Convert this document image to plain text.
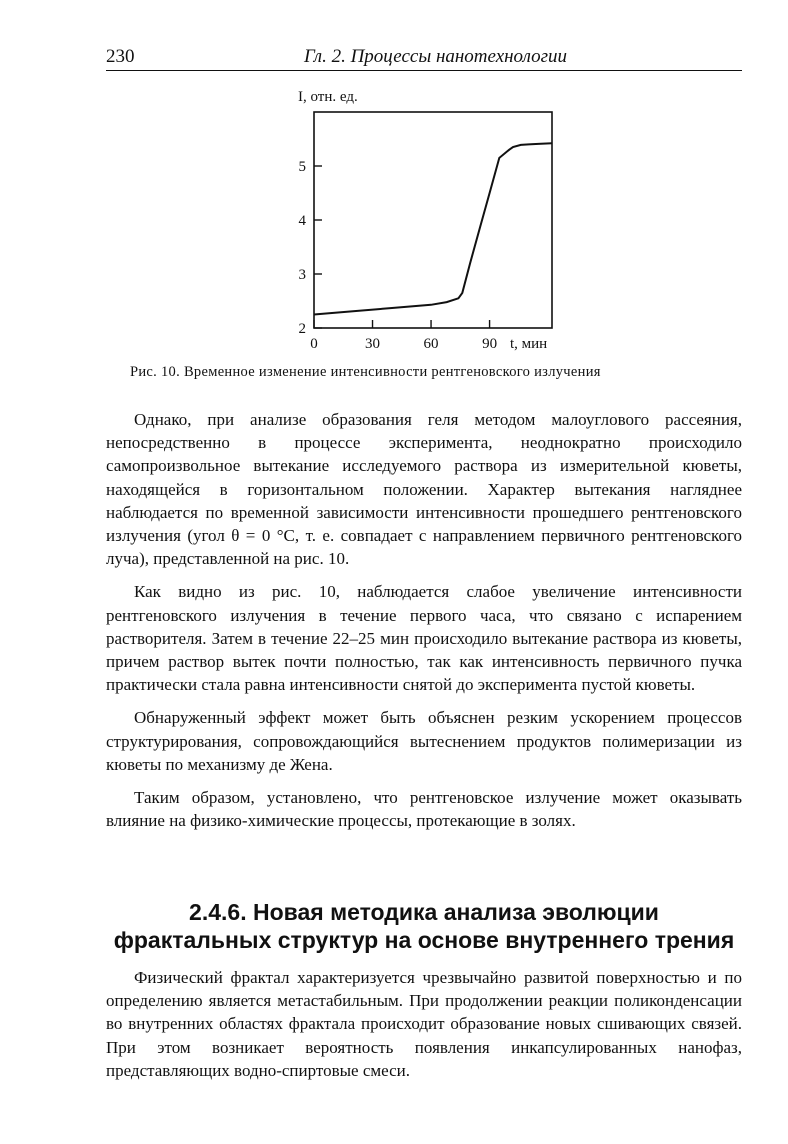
230	Гл. 2. Процессы нанотехнологии
I, отн. ед.
0	30	60	90
2
3
4
5
t, мин
Рис. 10. Временное изменение интенсивности рентгеновского излучения

Однако, при анализе образования геля методом малоуглового рассеяния, непосредственно в процессе эксперимента, неоднократно происходило самопроизвольное вытекание исследуемого раствора из измерительной кюветы, находящейся в горизонтальном положении. Характер вытекания нагляднее наблюдается по временной зависимости интенсивности прошедшего рентгеновского излучения (угол θ = 0 °C, т. е. совпадает с направлением первичного рентгеновского луча), представленной на рис. 10.

Как видно из рис. 10, наблюдается слабое увеличение интенсивности рентгеновского излучения в течение первого часа, что связано с испарением растворителя. Затем в течение 22–25 мин происходило вытекание раствора из кюветы, причем раствор вытек почти полностью, так как интенсивность первичного пучка практически стала равна интенсивности снятой до эксперимента пустой кюветы.

Обнаруженный эффект может быть объяснен резким ускорением процессов структурирования, сопровождающийся вытеснением продуктов полимеризации из кюветы по механизму де Жена.

Таким образом, установлено, что рентгеновское излучение может оказывать влияние на физико-химические процессы, протекающие в золях.

2.4.6. Новая методика анализа эволюции
фрактальных структур на основе внутреннего трения

Физический фрактал характеризуется чрезвычайно развитой поверхностью и по определению является метастабильным. При продолжении реакции поликонденсации во внутренних областях фрактала происходит образование новых сшивающих связей. При этом возникает вероятность появления инкапсулированных нанофаз, представляющих водно-спиртовые смеси.
